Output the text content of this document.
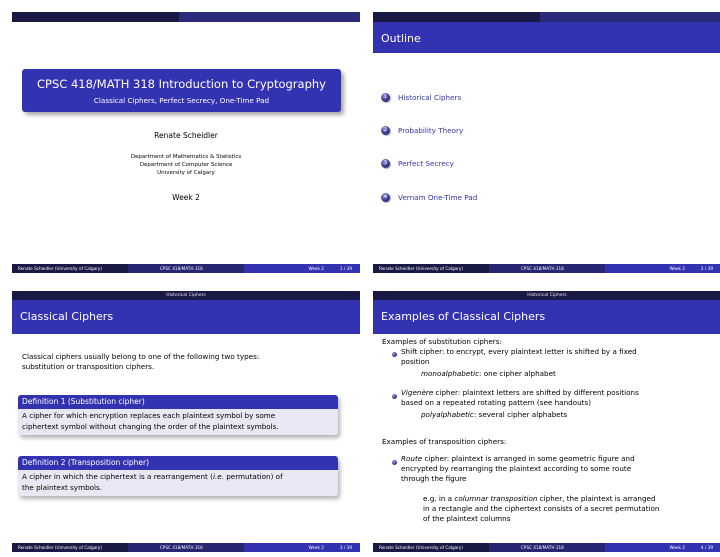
CPSC 418/MATH 318 Introduction to Cryptography
Classical Ciphers, Perfect Secrecy, One-Time Pad
Renate Scheidler
Department of Mathematics & Statistics
Department of Computer Science
University of Calgary
Week 2
Renate Scheidler (University of Calgary)	CPSC 418/MATH 318	Week 2	1 / 39
Outline
1	Historical Ciphers
2	Probability Theory
3	Perfect Secrecy
4	Vernam One-Time Pad
Renate Scheidler (University of Calgary)	CPSC 418/MATH 318	Week 2	2 / 39
Historical Ciphers
Classical Ciphers
Classical ciphers usually belong to one of the following two types:
substitution or transposition ciphers.
Definition 1 (Substitution cipher)
A cipher for which encryption replaces each plaintext symbol by some
ciphertext symbol without changing the order of the plaintext symbols.
Definition 2 (Transposition cipher)
A cipher in which the ciphertext is a rearrangement (i.e. permutation) of
the plaintext symbols.
Renate Scheidler (University of Calgary)	CPSC 418/MATH 318	Week 2	3 / 39
Historical Ciphers
Examples of Classical Ciphers
Examples of substitution ciphers:
Shift cipher: to encrypt, every plaintext letter is shifted by a fixed
position
monoalphabetic: one cipher alphabet
Vigenère cipher: plaintext letters are shifted by different positions
based on a repeated rotating pattern (see handouts)
polyalphabetic: several cipher alphabets
Examples of transposition ciphers:
Route cipher: plaintext is arranged in some geometric figure and
encrypted by rearranging the plaintext according to some route
through the figure
e.g. in a columnar transposition cipher, the plaintext is arranged
in a rectangle and the ciphertext consists of a secret permutation
of the plaintext columns
Renate Scheidler (University of Calgary)	CPSC 418/MATH 318	Week 2	4 / 39
